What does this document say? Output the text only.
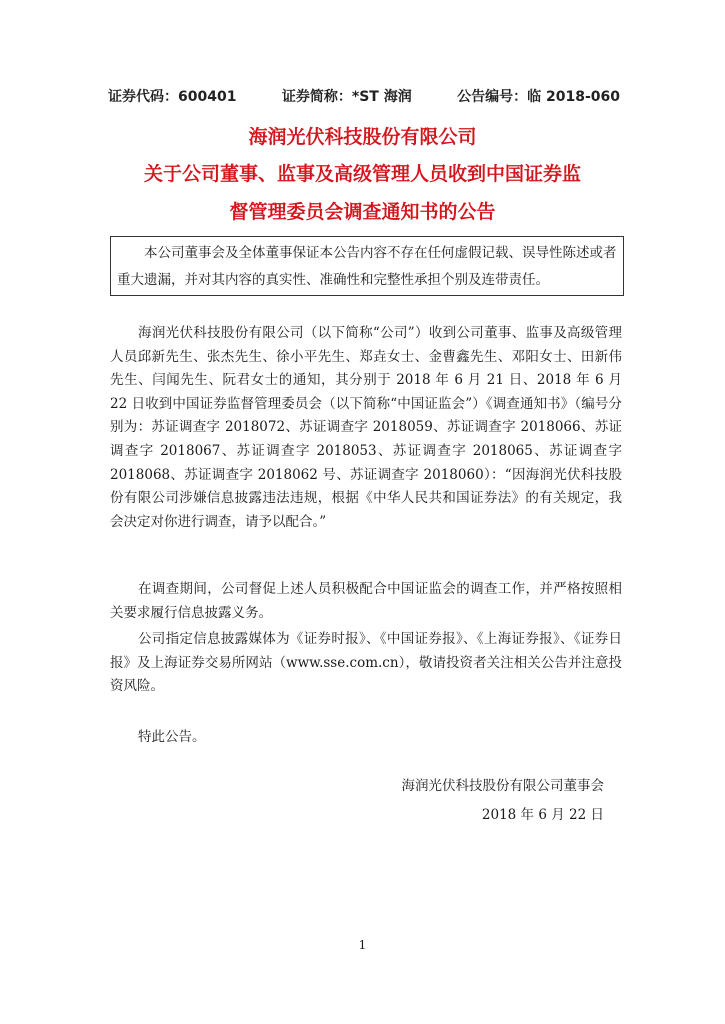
证券代码：600401	证券简称：*ST 海润	公告编号：临 2018-060
海润光伏科技股份有限公司
关于公司董事、监事及高级管理人员收到中国证券监
督管理委员会调查通知书的公告
本公司董事会及全体董事保证本公告内容不存在任何虚假记载、误导性陈述或者重大遗漏，并对其内容的真实性、准确性和完整性承担个别及连带责任。
海润光伏科技股份有限公司（以下简称“公司”）收到公司董事、监事及高级管理人员邱新先生、张杰先生、徐小平先生、郑垚女士、金曹鑫先生、邓阳女士、田新伟先生、闫闻先生、阮君女士的通知，其分别于 2018 年 6 月 21 日、2018 年 6 月 22 日收到中国证券监督管理委员会（以下简称“中国证监会”）《调查通知书》（编号分别为：苏证调查字 2018072、苏证调查字 2018059、苏证调查字 2018066、苏证调查字 2018067、苏证调查字 2018053、苏证调查字 2018065、苏证调查字 2018068、苏证调查字 2018062 号、苏证调查字 2018060）：“因海润光伏科技股份有限公司涉嫌信息披露违法违规，根据《中华人民共和国证券法》的有关规定，我会决定对你进行调查，请予以配合。”
在调查期间，公司督促上述人员积极配合中国证监会的调查工作，并严格按照相关要求履行信息披露义务。
公司指定信息披露媒体为《证券时报》、《中国证券报》、《上海证券报》、《证券日报》及上海证券交易所网站（www.sse.com.cn），敬请投资者关注相关公告并注意投资风险。
特此公告。
海润光伏科技股份有限公司董事会
2018 年 6 月 22 日
1
